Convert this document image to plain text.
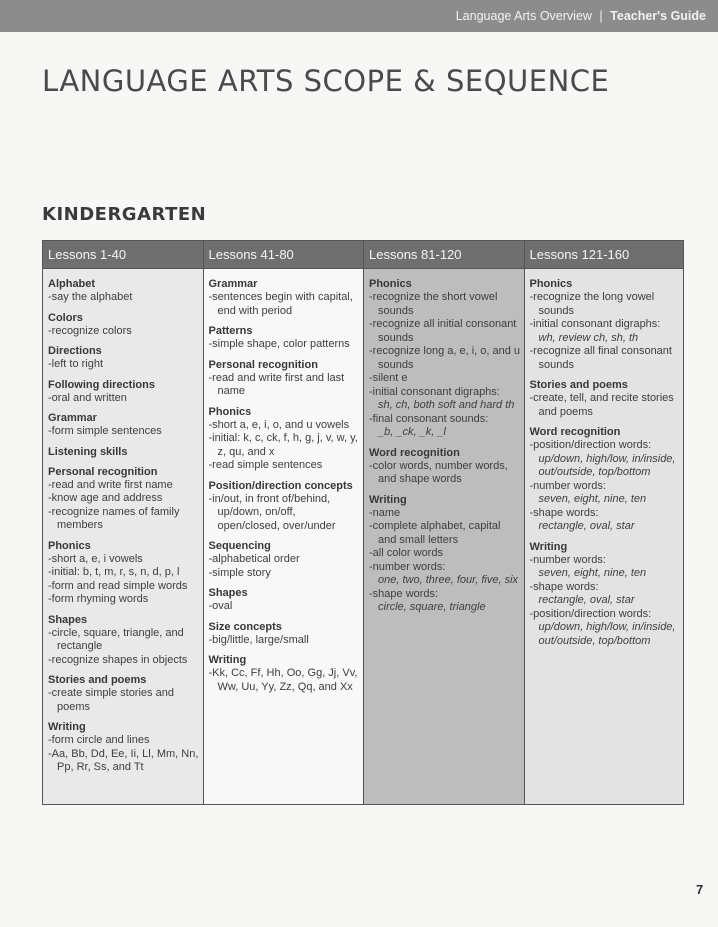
Language Arts Overview | Teacher's Guide
LANGUAGE ARTS SCOPE & SEQUENCE
KINDERGARTEN
Lessons 1-40
Alphabet
-say the alphabet
Colors
-recognize colors
Directions
-left to right
Following directions
-oral and written
Grammar
-form simple sentences
Listening skills
Personal recognition
-read and write first name
-know age and address
-recognize names of family members
Phonics
-short a, e, i vowels
-initial: b, t, m, r, s, n, d, p, l
-form and read simple words
-form rhyming words
Shapes
-circle, square, triangle, and rectangle
-recognize shapes in objects
Stories and poems
-create simple stories and poems
Writing
-form circle and lines
-Aa, Bb, Dd, Ee, Ii, Ll, Mm, Nn, Pp, Rr, Ss, and Tt
Lessons 41-80
Grammar
-sentences begin with capital, end with period
Patterns
-simple shape, color patterns
Personal recognition
-read and write first and last name
Phonics
-short a, e, i, o, and u vowels
-initial: k, c, ck, f, h, g, j, v, w, y, z, qu, and x
-read simple sentences
Position/direction concepts
-in/out, in front of/behind, up/down, on/off, open/closed, over/under
Sequencing
-alphabetical order
-simple story
Shapes
-oval
Size concepts
-big/little, large/small
Writing
-Kk, Cc, Ff, Hh, Oo, Gg, Jj, Vv, Ww, Uu, Yy, Zz, Qq, and Xx
Lessons 81-120
Phonics
-recognize the short vowel sounds
-recognize all initial consonant sounds
-recognize long a, e, i, o, and u sounds
-silent e
-initial consonant digraphs:
sh, ch, both soft and hard th
-final consonant sounds:
_b, _ck, _k, _l
Word recognition
-color words, number words, and shape words
Writing
-name
-complete alphabet, capital and small letters
-all color words
-number words:
one, two, three, four, five, six
-shape words:
circle, square, triangle
Lessons 121-160
Phonics
-recognize the long vowel sounds
-initial consonant digraphs:
wh, review ch, sh, th
-recognize all final consonant sounds
Stories and poems
-create, tell, and recite stories and poems
Word recognition
-position/direction words:
up/down, high/low, in/inside, out/outside, top/bottom
-number words:
seven, eight, nine, ten
-shape words:
rectangle, oval, star
Writing
-number words:
seven, eight, nine, ten
-shape words:
rectangle, oval, star
-position/direction words:
up/down, high/low, in/inside, out/outside, top/bottom
7
